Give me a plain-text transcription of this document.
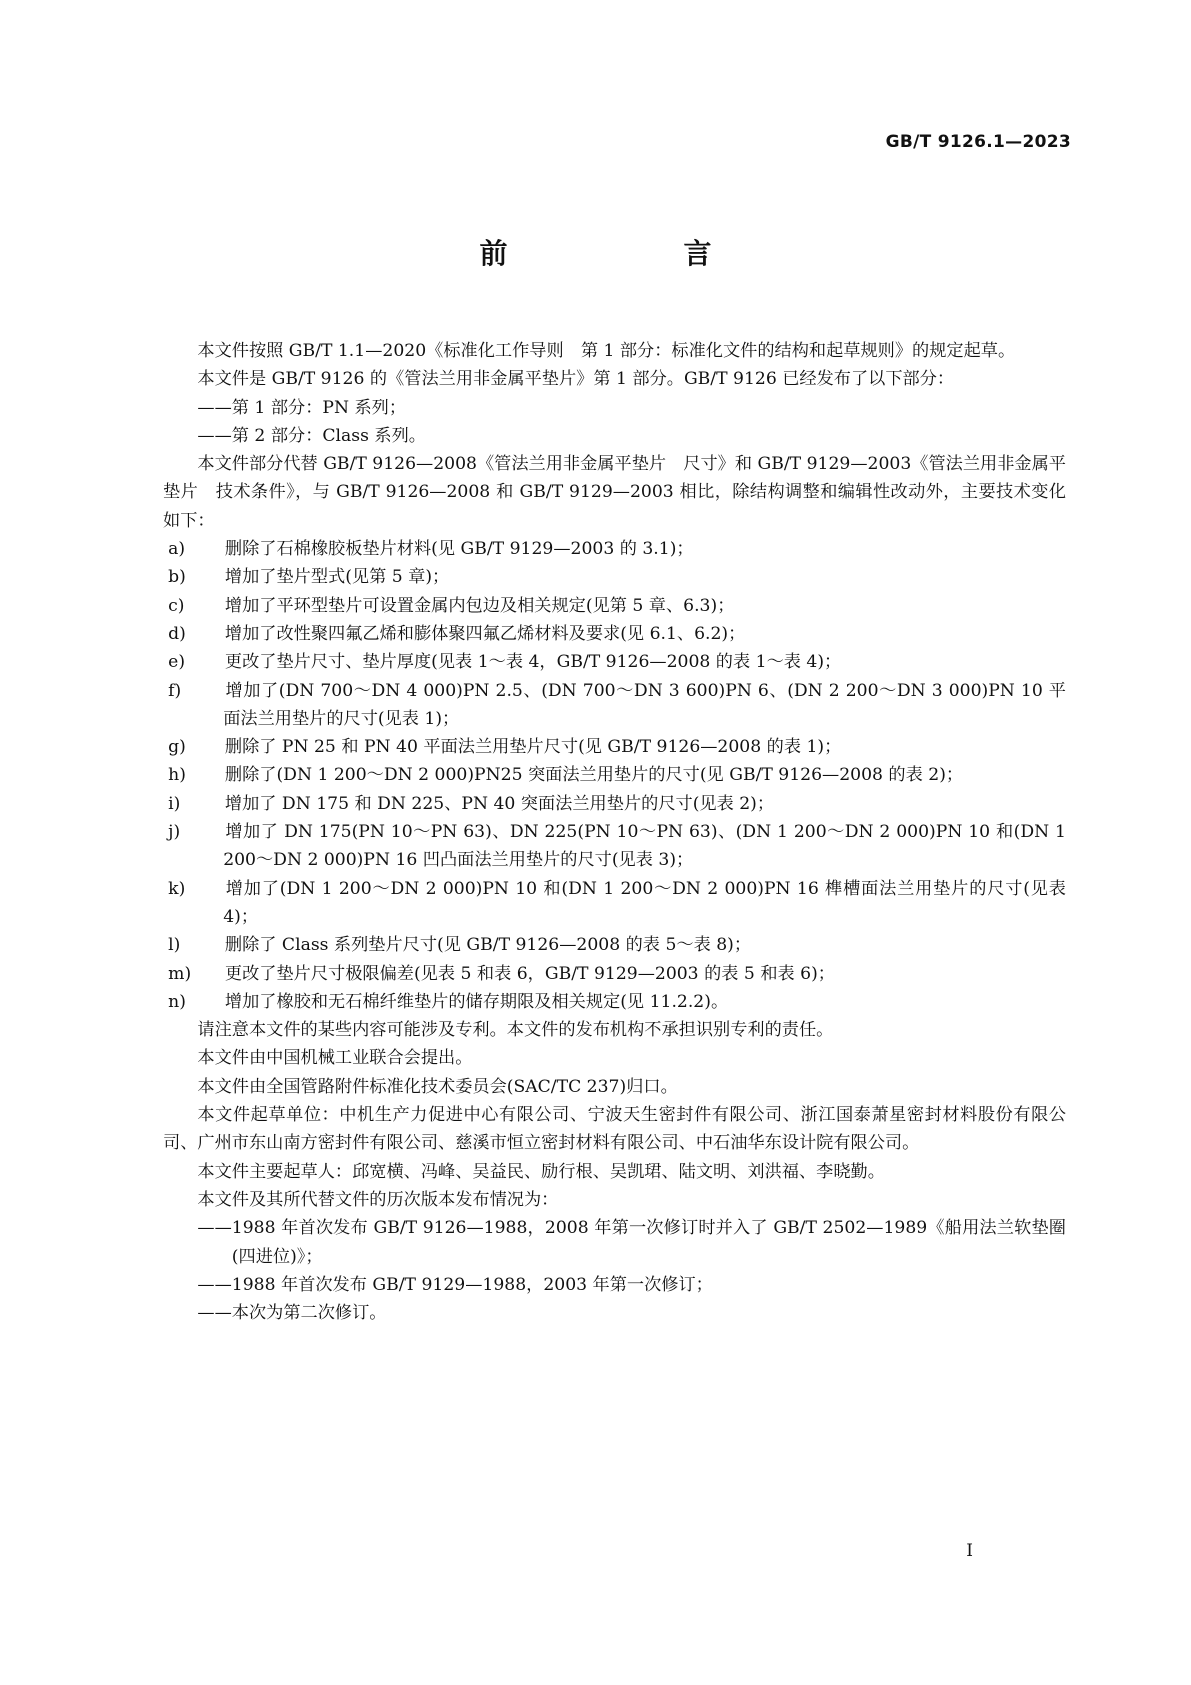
GB/T 9126.1—2023
前　　言

本文件按照 GB/T 1.1—2020《标准化工作导则　第 1 部分：标准化文件的结构和起草规则》的规定起草。

本文件是 GB/T 9126 的《管法兰用非金属平垫片》第 1 部分。GB/T 9126 已经发布了以下部分：

——第 1 部分：PN 系列；

——第 2 部分：Class 系列。

本文件部分代替 GB/T 9126—2008《管法兰用非金属平垫片　尺寸》和 GB/T 9129—2003《管法兰用非金属平垫片　技术条件》，与 GB/T 9126—2008 和 GB/T 9129—2003 相比，除结构调整和编辑性改动外，主要技术变化如下：

a) 删除了石棉橡胶板垫片材料(见 GB/T 9129—2003 的 3.1)；

b) 增加了垫片型式(见第 5 章)；

c) 增加了平环型垫片可设置金属内包边及相关规定(见第 5 章、6.3)；

d) 增加了改性聚四氟乙烯和膨体聚四氟乙烯材料及要求(见 6.1、6.2)；

e) 更改了垫片尺寸、垫片厚度(见表 1～表 4，GB/T 9126—2008 的表 1～表 4)；

f)	增加了(DN 700～DN 4 000)PN 2.5、(DN 700～DN 3 600)PN 6、(DN 2 200～DN 3 000)PN 10 平面法兰用垫片的尺寸(见表 1)；

g) 删除了 PN 25 和 PN 40 平面法兰用垫片尺寸(见 GB/T 9126—2008 的表 1)；

h) 删除了(DN 1 200～DN 2 000)PN25 突面法兰用垫片的尺寸(见 GB/T 9126—2008 的表 2)；

i)	增加了 DN 175 和 DN 225、PN 40 突面法兰用垫片的尺寸(见表 2)；

j)	增加了 DN 175(PN 10～PN 63)、DN 225(PN 10～PN 63)、(DN 1 200～DN 2 000)PN 10 和(DN 1 200～DN 2 000)PN 16 凹凸面法兰用垫片的尺寸(见表 3)；

k) 增加了(DN 1 200～DN 2 000)PN 10 和(DN 1 200～DN 2 000)PN 16 榫槽面法兰用垫片的尺寸(见表 4)；

l)	删除了 Class 系列垫片尺寸(见 GB/T 9126—2008 的表 5～表 8)；

m) 更改了垫片尺寸极限偏差(见表 5 和表 6，GB/T 9129—2003 的表 5 和表 6)；

n) 增加了橡胶和无石棉纤维垫片的储存期限及相关规定(见 11.2.2)。

请注意本文件的某些内容可能涉及专利。本文件的发布机构不承担识别专利的责任。

本文件由中国机械工业联合会提出。

本文件由全国管路附件标准化技术委员会(SAC/TC 237)归口。

本文件起草单位：中机生产力促进中心有限公司、宁波天生密封件有限公司、浙江国泰萧星密封材料股份有限公司、广州市东山南方密封件有限公司、慈溪市恒立密封材料有限公司、中石油华东设计院有限公司。

本文件主要起草人：邱宽横、冯峰、吴益民、励行根、吴凯珺、陆文明、刘洪福、李晓勤。

本文件及其所代替文件的历次版本发布情况为：

——1988 年首次发布 GB/T 9126—1988，2008 年第一次修订时并入了 GB/T 2502—1989《船用法兰软垫圈(四进位)》；

——1988 年首次发布 GB/T 9129—1988，2003 年第一次修订；

——本次为第二次修订。

I
